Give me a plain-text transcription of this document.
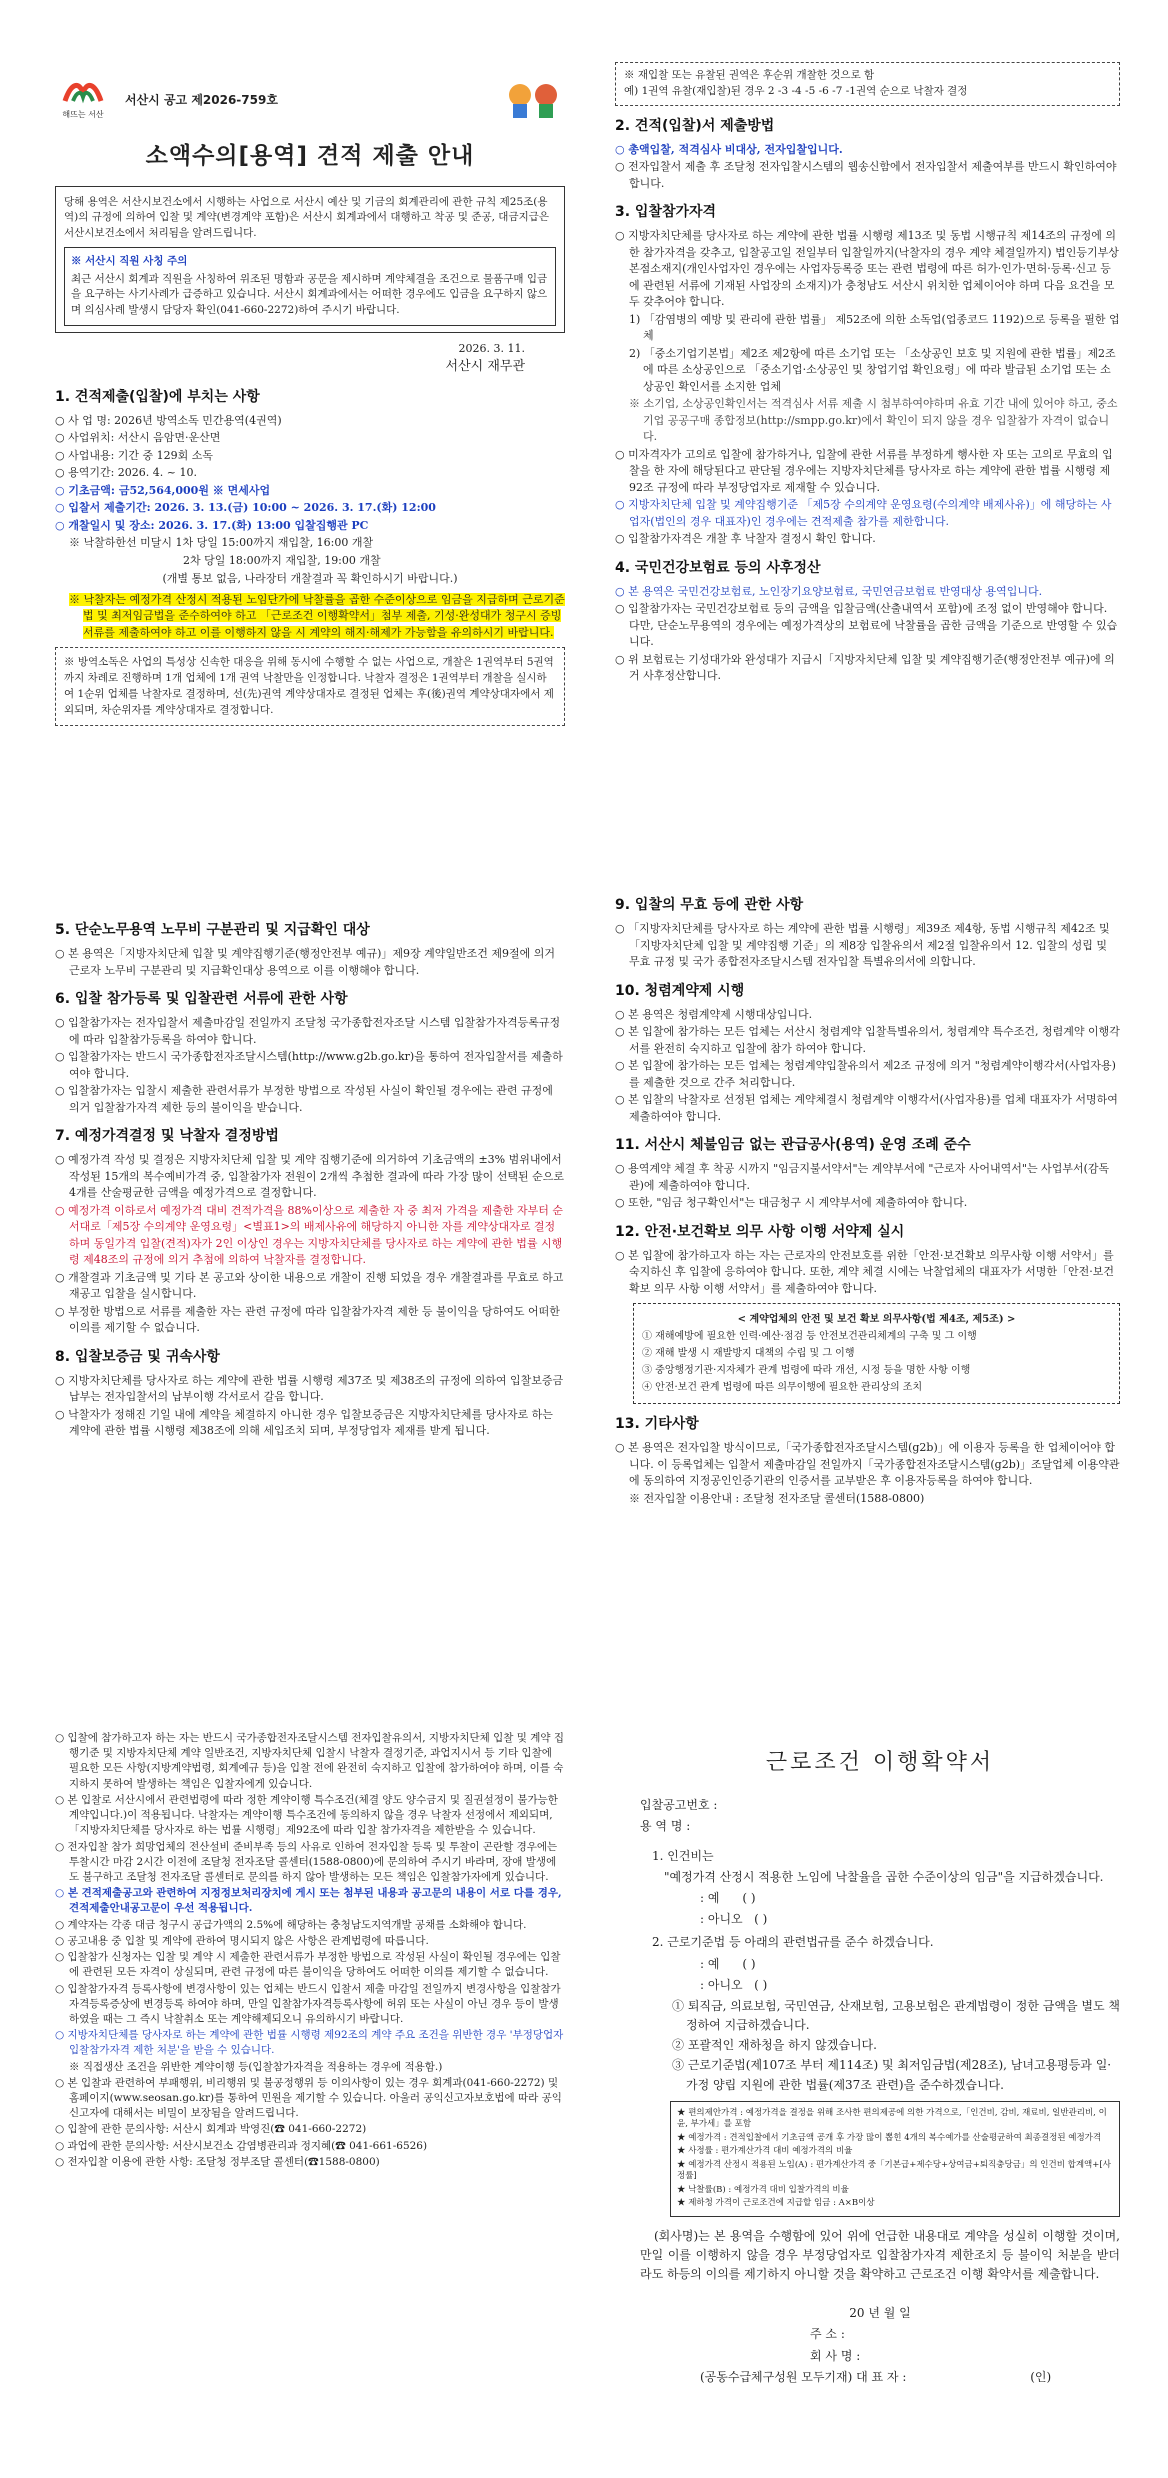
해뜨는 서산
서산시 공고 제2026-759호
소액수의[용역] 견적 제출 안내

당해 용역은 서산시보건소에서 시행하는 사업으로 서산시 예산 및 기금의 회계관리에 관한 규칙 제25조(용역)의 규정에 의하여 입찰 및 계약(변경계약 포함)은 서산시 회계과에서 대행하고 착공 및 준공, 대금지급은 서산시보건소에서 처리됨을 알려드립니다.

※ 서산시 직원 사칭 주의

최근 서산시 회계과 직원을 사칭하여 위조된 명함과 공문을 제시하며 계약체결을 조건으로 물품구매 입금을 요구하는 사기사례가 급증하고 있습니다. 서산시 회계과에서는 어떠한 경우에도 입금을 요구하지 않으며 의심사례 발생시 담당자 확인(041-660-2272)하여 주시기 바랍니다.

2026. 3. 11.
서산시 재무관
1. 견적제출(입찰)에 부치는 사항

○ 사 업 명: 2026년 방역소독 민간용역(4권역)

○ 사업위치: 서산시 음암면·운산면

○ 사업내용: 기간 중 129회 소독

○ 용역기간: 2026. 4. ~ 10.

○ 기초금액: 금52,564,000원 ※ 면세사업

○ 입찰서 제출기간: 2026. 3. 13.(금) 10:00 ~ 2026. 3. 17.(화) 12:00

○ 개찰일시 및 장소: 2026. 3. 17.(화) 13:00 입찰집행관 PC

※ 낙찰하한선 미달시 1차 당일 15:00까지 재입찰, 16:00 개찰

2차 당일 18:00까지 재입찰, 19:00 개찰

(개별 통보 없음, 나라장터 개찰결과 꼭 확인하시기 바랍니다.)

※ 낙찰자는 예정가격 산정시 적용된 노임단가에 낙찰률을 곱한 수준이상으로 임금을 지급하며 근로기준법 및 최저임금법을 준수하여야 하고 「근로조건 이행확약서」첨부 제출, 기성·완성대가 청구시 증빙서류를 제출하여야 하고 이를 이행하지 않을 시 계약의 해지·해제가 가능함을 유의하시기 바랍니다.

※ 방역소독은 사업의 특성상 신속한 대응을 위해 동시에 수행할 수 없는 사업으로, 개찰은 1권역부터 5권역까지 차례로 진행하며 1개 업체에 1개 권역 낙찰만을 인정합니다. 낙찰자 결정은 1권역부터 개찰을 실시하여 1순위 업체를 낙찰자로 결정하며, 선(先)권역 계약상대자로 결정된 업체는 후(後)권역 계약상대자에서 제외되며, 차순위자를 계약상대자로 결정합니다.

※ 재입찰 또는 유찰된 권역은 후순위 개찰한 것으로 함
예) 1권역 유찰(재입찰)된 경우 2 -3 -4 -5 -6 -7 -1권역 순으로 낙찰자 결정
2. 견적(입찰)서 제출방법

○ 총액입찰, 적격심사 비대상, 전자입찰입니다.

○ 전자입찰서 제출 후 조달청 전자입찰시스템의 웹송신함에서 전자입찰서 제출여부를 반드시 확인하여야 합니다.

3. 입찰참가자격

○ 지방자치단체를 당사자로 하는 계약에 관한 법률 시행령 제13조 및 동법 시행규칙 제14조의 규정에 의한 참가자격을 갖추고, 입찰공고일 전일부터 입찰일까지(낙찰자의 경우 계약 체결일까지) 법인등기부상 본점소재지(개인사업자인 경우에는 사업자등록증 또는 관련 법령에 따른 허가·인가·면허·등록·신고 등에 관련된 서류에 기재된 사업장의 소재지)가 충청남도 서산시 위치한 업체이어야 하며 다음 요건을 모두 갖추어야 합니다.

1) 「감염병의 예방 및 관리에 관한 법률」 제52조에 의한 소독업(업종코드 1192)으로 등록을 필한 업체

2) 「중소기업기본법」제2조 제2항에 따른 소기업 또는 「소상공인 보호 및 지원에 관한 법률」제2조에 따른 소상공인으로 「중소기업·소상공인 및 창업기업 확인요령」에 따라 발급된 소기업 또는 소상공인 확인서를 소지한 업체

※ 소기업, 소상공인확인서는 적격심사 서류 제출 시 첨부하여야하며 유효 기간 내에 있어야 하고, 중소기업 공공구매 종합정보(http://smpp.go.kr)에서 확인이 되지 않을 경우 입찰참가 자격이 없습니다.

○ 미자격자가 고의로 입찰에 참가하거나, 입찰에 관한 서류를 부정하게 행사한 자 또는 고의로 무효의 입찰을 한 자에 해당된다고 판단될 경우에는 지방자치단체를 당사자로 하는 계약에 관한 법률 시행령 제92조 규정에 따라 부정당업자로 제재할 수 있습니다.

○ 지방자치단체 입찰 및 계약집행기준 「제5장 수의계약 운영요령(수의계약 배제사유)」에 해당하는 사업자(법인의 경우 대표자)인 경우에는 견적제출 참가를 제한합니다.

○ 입찰참가자격은 개찰 후 낙찰자 결정시 확인 합니다.

4. 국민건강보험료 등의 사후정산

○ 본 용역은 국민건강보험료, 노인장기요양보험료, 국민연금보험료 반영대상 용역입니다.

○ 입찰참가자는 국민건강보험료 등의 금액을 입찰금액(산출내역서 포함)에 조정 없이 반영해야 합니다. 다만, 단순노무용역의 경우에는 예정가격상의 보험료에 낙찰률을 곱한 금액을 기준으로 반영할 수 있습니다.

○ 위 보험료는 기성대가와 완성대가 지급시「지방자치단체 입찰 및 계약집행기준(행정안전부 예규)에 의거 사후정산합니다.

5. 단순노무용역 노무비 구분관리 및 지급확인 대상

○ 본 용역은「지방자치단체 입찰 및 계약집행기준(행정안전부 예규)」제9장 계약일반조건 제9절에 의거 근로자 노무비 구분관리 및 지급확인대상 용역으로 이를 이행해야 합니다.

6. 입찰 참가등록 및 입찰관련 서류에 관한 사항

○ 입찰참가자는 전자입찰서 제출마감일 전일까지 조달청 국가종합전자조달 시스템 입찰참가자격등록규정에 따라 입찰참가등록을 하여야 합니다.

○ 입찰참가자는 반드시 국가종합전자조달시스템(http://www.g2b.go.kr)을 통하여 전자입찰서를 제출하여야 합니다.

○ 입찰참가자는 입찰시 제출한 관련서류가 부정한 방법으로 작성된 사실이 확인될 경우에는 관련 규정에 의거 입찰참가자격 제한 등의 불이익을 받습니다.

7. 예정가격결정 및 낙찰자 결정방법

○ 예정가격 작성 및 결정은 지방자치단체 입찰 및 계약 집행기준에 의거하여 기초금액의 ±3% 범위내에서 작성된 15개의 복수예비가격 중, 입찰참가자 전원이 2개씩 추첨한 결과에 따라 가장 많이 선택된 순으로 4개를 산술평균한 금액을 예정가격으로 결정합니다.

○ 예정가격 이하로서 예정가격 대비 견적가격을 88%이상으로 제출한 자 중 최저 가격을 제출한 자부터 순서대로「제5장 수의계약 운영요령」<별표1>의 배제사유에 해당하지 아니한 자를 계약상대자로 결정하며 동일가격 입찰(견적)자가 2인 이상인 경우는 지방자치단체를 당사자로 하는 계약에 관한 법률 시행령 제48조의 규정에 의거 추첨에 의하여 낙찰자를 결정합니다.

○ 개찰결과 기초금액 및 기타 본 공고와 상이한 내용으로 개찰이 진행 되었을 경우 개찰결과를 무효로 하고 재공고 입찰을 실시합니다.

○ 부정한 방법으로 서류를 제출한 자는 관련 규정에 따라 입찰참가자격 제한 등 불이익을 당하여도 어떠한 이의를 제기할 수 없습니다.

8. 입찰보증금 및 귀속사항

○ 지방자치단체를 당사자로 하는 계약에 관한 법률 시행령 제37조 및 제38조의 규정에 의하여 입찰보증금 납부는 전자입찰서의 납부이행 각서로서 갈음 합니다.

○ 낙찰자가 정해진 기일 내에 계약을 체결하지 아니한 경우 입찰보증금은 지방자치단체를 당사자로 하는 계약에 관한 법률 시행령 제38조에 의해 세입조치 되며, 부정당업자 제재를 받게 됩니다.

9. 입찰의 무효 등에 관한 사항

○ 「지방자치단체를 당사자로 하는 계약에 관한 법률 시행령」제39조 제4항, 동법 시행규칙 제42조 및「지방자치단체 입찰 및 계약집행 기준」의 제8장 입찰유의서 제2절 입찰유의서 12. 입찰의 성립 및 무효 규정 및 국가 종합전자조달시스템 전자입찰 특별유의서에 의합니다.

10. 청렴계약제 시행

○ 본 용역은 청렴계약제 시행대상입니다.

○ 본 입찰에 참가하는 모든 업체는 서산시 청렴계약 입찰특별유의서, 청렴계약 특수조건, 청렴계약 이행각서를 완전히 숙지하고 입찰에 참가 하여야 합니다.

○ 본 입찰에 참가하는 모든 업체는 청렴계약입찰유의서 제2조 규정에 의거 "청렴계약이행각서(사업자용)를 제출한 것으로 간주 처리합니다.

○ 본 입찰의 낙찰자로 선정된 업체는 계약체결시 청렴계약 이행각서(사업자용)를 업체 대표자가 서명하여 제출하여야 합니다.

11. 서산시 체불임금 없는 관급공사(용역) 운영 조례 준수

○ 용역계약 체결 후 착공 시까지 "임금지불서약서"는 계약부서에 "근로자 사어내역서"는 사업부서(감독관)에 제출하여야 합니다.

○ 또한, "임금 청구확인서"는 대금청구 시 계약부서에 제출하여야 합니다.

12. 안전·보건확보 의무 사항 이행 서약제 실시

○ 본 입찰에 참가하고자 하는 자는 근로자의 안전보호를 위한「안전·보건확보 의무사항 이행 서약서」를 숙지하신 후 입찰에 응하여야 합니다. 또한, 계약 체결 시에는 낙찰업체의 대표자가 서명한「안전·보건확보 의무 사항 이행 서약서」를 제출하여야 합니다.

< 계약업체의 안전 및 보건 확보 의무사항(법 제4조, 제5조) >

① 재해예방에 필요한 인력·예산·점검 등 안전보건관리체계의 구축 및 그 이행

② 재해 발생 시 재발방지 대책의 수립 및 그 이행

③ 중앙행정기관·지자체가 관계 법령에 따라 개선, 시정 등을 명한 사항 이행

④ 안전·보건 관계 법령에 따른 의무이행에 필요한 관리상의 조치

13. 기타사항

○ 본 용역은 전자입찰 방식이므로,「국가종합전자조달시스템(g2b)」에 이용자 등록을 한 업체이어야 합니다. 이 등록업체는 입찰서 제출마감일 전일까지「국가종합전자조달시스템(g2b)」조달업체 이용약관에 동의하여 지정공인인증기관의 인증서를 교부받은 후 이용자등록을 하여야 합니다.

※ 전자입찰 이용안내 : 조달청 전자조달 콜센터(1588-0800)

○ 입찰에 참가하고자 하는 자는 반드시 국가종합전자조달시스템 전자입찰유의서, 지방자치단체 입찰 및 계약 집행기준 및 지방자치단체 계약 일반조건, 지방자치단체 입찰시 낙찰자 결정기준, 과업지시서 등 기타 입찰에 필요한 모든 사항(지방계약법령, 회계예규 등)을 입찰 전에 완전히 숙지하고 입찰에 참가하여야 하며, 이를 숙지하지 못하여 발생하는 책임은 입찰자에게 있습니다.

○ 본 입찰로 서산시에서 관련법령에 따라 정한 계약이행 특수조건(체결 양도 양수금지 및 질권설정이 불가능한 계약입니다.)이 적용됩니다. 낙찰자는 계약이행 특수조건에 동의하지 않을 경우 낙찰자 선정에서 제외되며,「지방자치단체를 당사자로 하는 법률 시행령」제92조에 따라 입찰 참가자격을 제한받을 수 있습니다.

○ 전자입찰 참가 희망업체의 전산설비 준비부족 등의 사유로 인하여 전자입찰 등록 및 투찰이 곤란할 경우에는 투찰시간 마감 2시간 이전에 조달청 전자조달 콜센터(1588-0800)에 문의하여 주시기 바라며, 장애 발생에도 불구하고 조달청 전자조달 콜센터로 문의를 하지 않아 발생하는 모든 책임은 입찰참가자에게 있습니다.

○ 본 견적제출공고와 관련하여 지정정보처리장치에 게시 또는 첨부된 내용과 공고문의 내용이 서로 다를 경우, 견적제출안내공고문이 우선 적용됩니다.

○ 계약자는 각종 대금 청구시 공급가액의 2.5%에 해당하는 충청남도지역개발 공채를 소화해야 합니다.

○ 공고내용 중 입찰 및 계약에 관하여 명시되지 않은 사항은 관계법령에 따릅니다.

○ 입찰참가 신청자는 입찰 및 계약 시 제출한 관련서류가 부정한 방법으로 작성된 사실이 확인될 경우에는 입찰에 관련된 모든 자격이 상실되며, 관련 규정에 따른 불이익을 당하여도 어떠한 이의를 제기할 수 없습니다.

○ 입찰참가자격 등록사항에 변경사항이 있는 업체는 반드시 입찰서 제출 마감일 전일까지 변경사항을 입찰참가자격등록증상에 변경등록 하여야 하며, 만일 입찰참가자격등록사항에 허위 또는 사실이 아닌 경우 등이 발생하였을 때는 그 즉시 낙찰취소 또는 계약해제되오니 유의하시기 바랍니다.

○ 지방자치단체를 당사자로 하는 계약에 관한 법률 시행령 제92조의 계약 주요 조건을 위반한 경우 '부정당업자 입찰참가자격 제한 처분'을 받을 수 있습니다.

※ 직접생산 조건을 위반한 계약이행 등(입찰참가자격을 적용하는 경우에 적용함.)

○ 본 입찰과 관련하여 부패행위, 비리행위 및 불공정행위 등 이의사항이 있는 경우 회계과(041-660-2272) 및 홈페이지(www.seosan.go.kr)를 통하여 민원을 제기할 수 있습니다. 아울러 공익신고자보호법에 따라 공익신고자에 대해서는 비밀이 보장됨을 알려드립니다.

○ 입찰에 관한 문의사항: 서산시 회계과 박영진(☎ 041-660-2272)

○ 과업에 관한 문의사항: 서산시보건소 감염병관리과 정지혜(☎ 041-661-6526)

○ 전자입찰 이용에 관한 사항: 조달청 정부조달 콜센터(☎1588-0800)

근로조건 이행확약서

입찰공고번호 :

용 역 명 :

1. 인건비는

"예정가격 산정시 적용한 노임에 낙찰율을 곱한 수준이상의 임금"을 지급하겠습니다.

: 예 ( )

: 아니오 ( )

2. 근로기준법 등 아래의 관련법규를 준수 하겠습니다.

: 예 ( )

: 아니오 ( )

① 퇴직금, 의료보험, 국민연금, 산재보험, 고용보험은 관계법령이 정한 금액을 별도 책정하여 지급하겠습니다.

② 포괄적인 재하청을 하지 않겠습니다.

③ 근로기준법(제107조 부터 제114조) 및 최저임금법(제28조), 남녀고용평등과 일·가정 양립 지원에 관한 법률(제37조 관련)을 준수하겠습니다.

★ 편의제안가격 : 예정가격을 결정을 위해 조사한 편의제공에 의한 가격으로,「인건비, 감비, 재료비, 일반관리비, 이윤, 부가세」를 포함

★ 예정가격 : 견적입찰에서 기초금액 공개 후 가장 많이 뽑힌 4개의 복수예가를 산술평균하여 최종결정된 예정가격

★ 사정률 : 편가계산가격 대비 예정가격의 비율

★ 예정가격 산정시 적용된 노임(A) : 편가계산가격 중「기본급+제수당+상여금+퇴직충당금」의 인건비 합계액+[사정률]

★ 낙찰률(B) : 예정가격 대비 입찰가격의 비율

★ 제하청 가격이 근로조건에 지급할 임금 : A×B이상

(회사명)는 본 용역을 수행함에 있어 위에 언급한 내용대로 계약을 성실히 이행할 것이며, 만일 이를 이행하지 않을 경우 부정당업자로 입찰참가자격 제한조치 등 불이익 처분을 받더라도 하등의 이의를 제기하지 아니할 것을 확약하고 근로조건 이행 확약서를 제출합니다.

20 년 월 일

주 소 :

회 사 명 :

(공동수급체구성원 모두기재) 대 표 자 :	(인)
